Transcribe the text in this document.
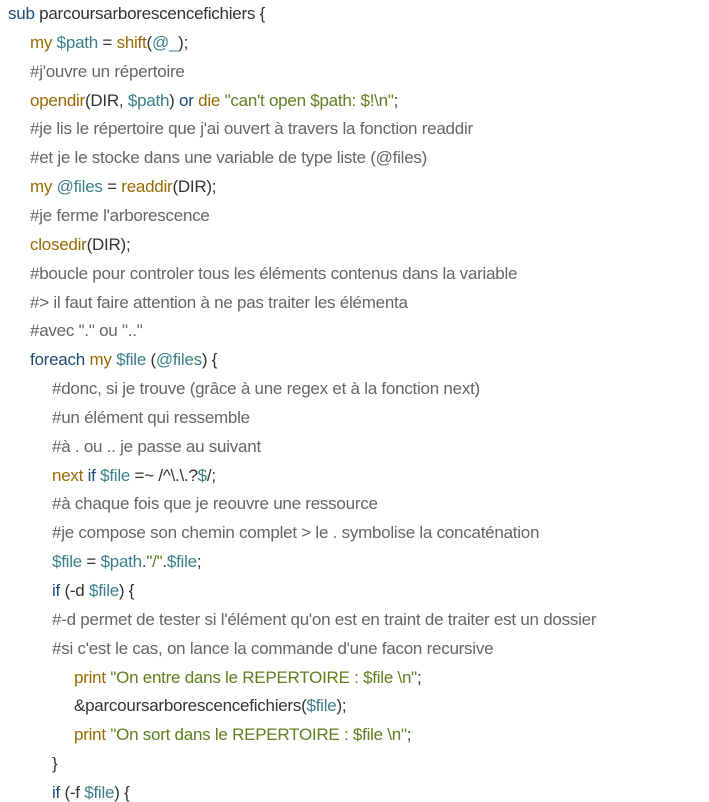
sub parcoursarborescencefichiers {
my $path = shift(@_);
#j'ouvre un répertoire
opendir(DIR, $path) or die "can't open $path: $!\n";
#je lis le répertoire que j'ai ouvert à travers la fonction readdir
#et je le stocke dans une variable de type liste (@files)
my @files = readdir(DIR);
#je ferme l'arborescence
closedir(DIR);
#boucle pour controler tous les éléments contenus dans la variable
#> il faut faire attention à ne pas traiter les élémenta
#avec "." ou ".."
foreach my $file (@files) {
#donc, si je trouve (grâce à une regex et à la fonction next)
#un élément qui ressemble
#à . ou .. je passe au suivant
next if $file =~ /^\.\.?$/;
#à chaque fois que je reouvre une ressource
#je compose son chemin complet > le . symbolise la concaténation
$file = $path."/".$file;
if (-d $file) {
#-d permet de tester si l'élément qu'on est en traint de traiter est un dossier
#si c'est le cas, on lance la commande d'une facon recursive
print "On entre dans le REPERTOIRE : $file \n";
&parcoursarborescencefichiers($file);
print "On sort dans le REPERTOIRE : $file \n";
}
if (-f $file) {
